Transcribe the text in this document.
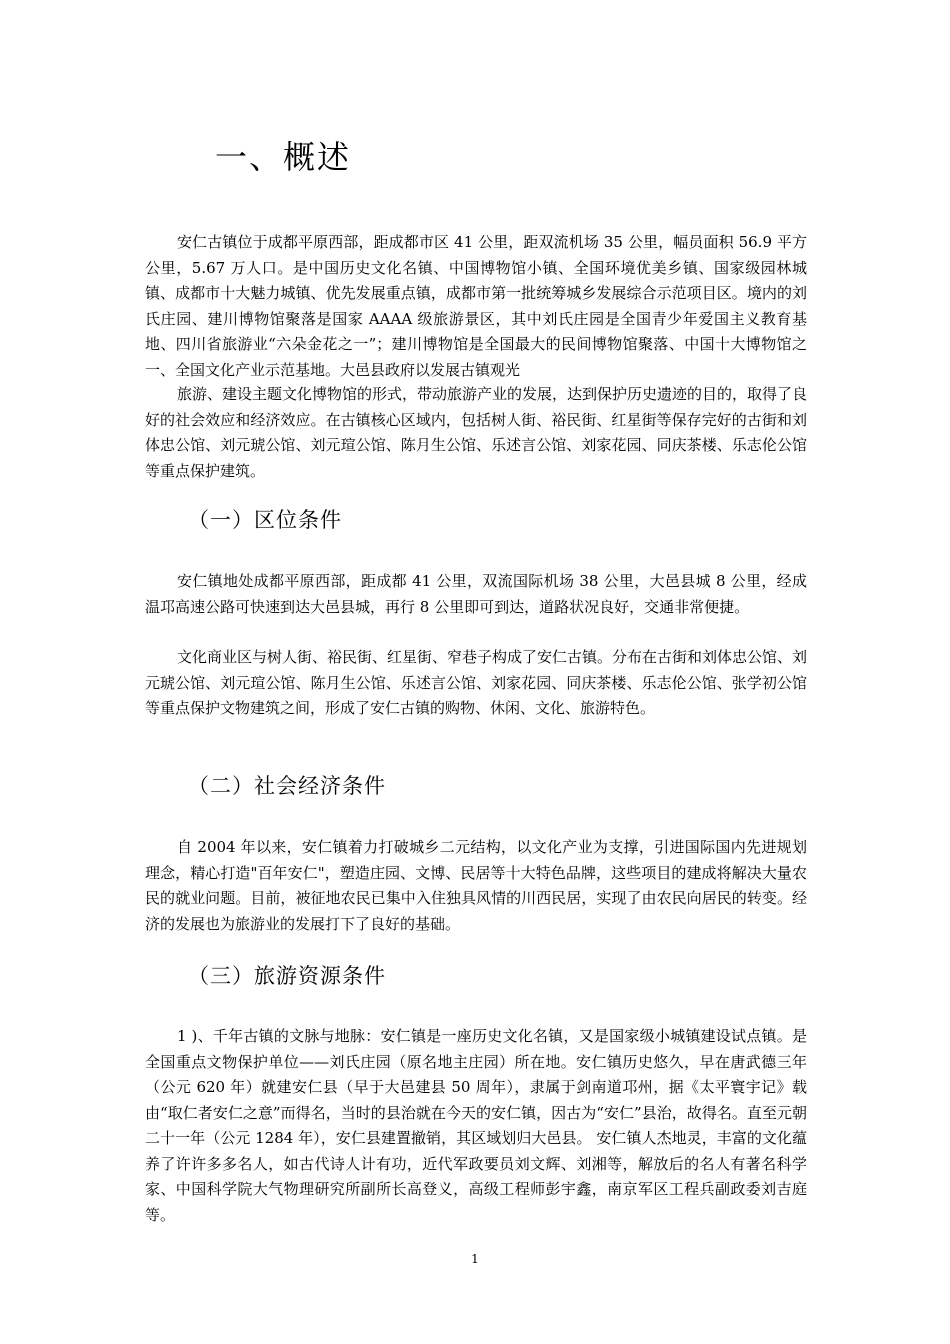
一、概述

安仁古镇位于成都平原西部，距成都市区 41 公里，距双流机场 35 公里，幅员面积 56.9 平方公里，5.67 万人口。是中国历史文化名镇、中国博物馆小镇、全国环境优美乡镇、国家级园林城镇、成都市十大魅力城镇、优先发展重点镇，成都市第一批统筹城乡发展综合示范项目区。境内的刘氏庄园、建川博物馆聚落是国家 AAAA 级旅游景区，其中刘氏庄园是全国青少年爱国主义教育基地、四川省旅游业“六朵金花之一”；建川博物馆是全国最大的民间博物馆聚落、中国十大博物馆之一、全国文化产业示范基地。大邑县政府以发展古镇观光

旅游、建设主题文化博物馆的形式，带动旅游产业的发展，达到保护历史遗迹的目的，取得了良好的社会效应和经济效应。在古镇核心区域内，包括树人街、裕民街、红星街等保存完好的古街和刘体忠公馆、刘元琥公馆、刘元瑄公馆、陈月生公馆、乐述言公馆、刘家花园、同庆茶楼、乐志伦公馆等重点保护建筑。

（一）区位条件

安仁镇地处成都平原西部，距成都 41 公里，双流国际机场 38 公里，大邑县城 8 公里，经成温邛高速公路可快速到达大邑县城，再行 8 公里即可到达，道路状况良好，交通非常便捷。

文化商业区与树人街、裕民街、红星街、窄巷子构成了安仁古镇。分布在古街和刘体忠公馆、刘元琥公馆、刘元瑄公馆、陈月生公馆、乐述言公馆、刘家花园、同庆茶楼、乐志伦公馆、张学初公馆等重点保护文物建筑之间，形成了安仁古镇的购物、休闲、文化、旅游特色。

（二）社会经济条件

自 2004 年以来，安仁镇着力打破城乡二元结构，以文化产业为支撑，引进国际国内先进规划理念，精心打造"百年安仁"，塑造庄园、文博、民居等十大特色品牌，这些项目的建成将解决大量农民的就业问题。目前，被征地农民已集中入住独具风情的川西民居，实现了由农民向居民的转变。经济的发展也为旅游业的发展打下了良好的基础。

（三）旅游资源条件

1 )、千年古镇的文脉与地脉：安仁镇是一座历史文化名镇，又是国家级小城镇建设试点镇。是全国重点文物保护单位——刘氏庄园（原名地主庄园）所在地。安仁镇历史悠久，早在唐武德三年（公元 620 年）就建安仁县（早于大邑建县 50 周年），隶属于剑南道邛州，据《太平寰宇记》载由“取仁者安仁之意”而得名，当时的县治就在今天的安仁镇，因古为“安仁”县治，故得名。直至元朝二十一年（公元 1284 年），安仁县建置撤销，其区域划归大邑县。 安仁镇人杰地灵，丰富的文化蕴养了许许多多名人，如古代诗人计有功，近代军政要员刘文辉、刘湘等，解放后的名人有著名科学家、中国科学院大气物理研究所副所长高登义，高级工程师彭宇鑫，南京军区工程兵副政委刘吉庭等。

1
